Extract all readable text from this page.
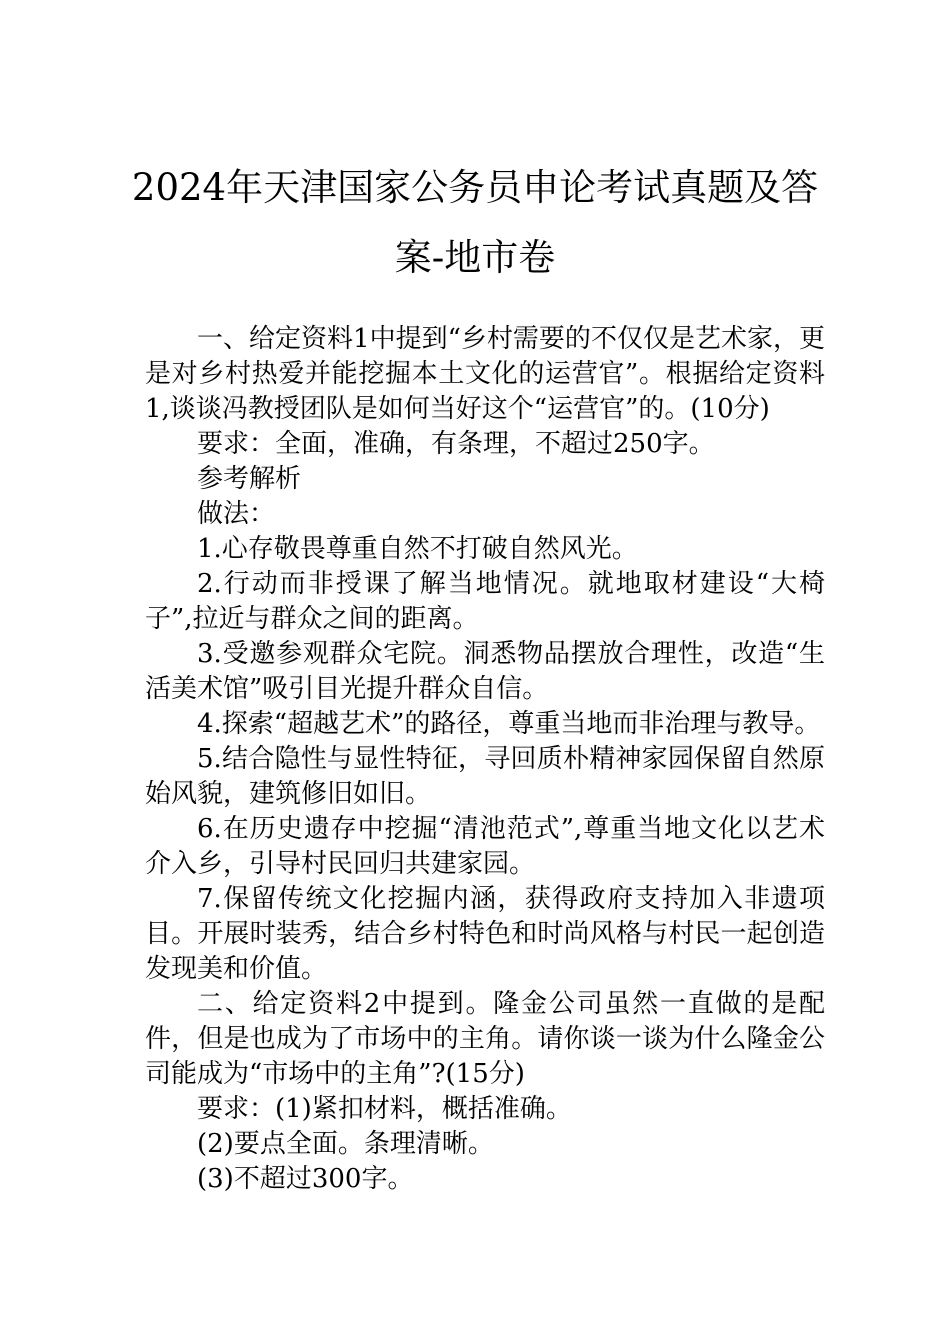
2024年天津国家公务员申论考试真题及答
案-地市卷

一、给定资料1中提到“乡村需要的不仅仅是艺术家，更是对乡村热爱并能挖掘本土文化的运营官”。根据给定资料1,谈谈冯教授团队是如何当好这个“运营官”的。(10分)

要求：全面，准确，有条理，不超过250字。

参考解析

做法：

1.心存敬畏尊重自然不打破自然风光。

2.行动而非授课了解当地情况。就地取材建设“大椅子”,拉近与群众之间的距离。

3.受邀参观群众宅院。洞悉物品摆放合理性，改造“生活美术馆”吸引目光提升群众自信。

4.探索“超越艺术”的路径，尊重当地而非治理与教导。

5.结合隐性与显性特征，寻回质朴精神家园保留自然原始风貌，建筑修旧如旧。

6.在历史遗存中挖掘“清池范式”,尊重当地文化以艺术介入乡，引导村民回归共建家园。

7.保留传统文化挖掘内涵，获得政府支持加入非遗项目。开展时装秀，结合乡村特色和时尚风格与村民一起创造发现美和价值。

二、给定资料2中提到。隆金公司虽然一直做的是配件，但是也成为了市场中的主角。请你谈一谈为什么隆金公司能成为“市场中的主角”?(15分)

要求：(1)紧扣材料，概括准确。

(2)要点全面。条理清晰。

(3)不超过300字。
